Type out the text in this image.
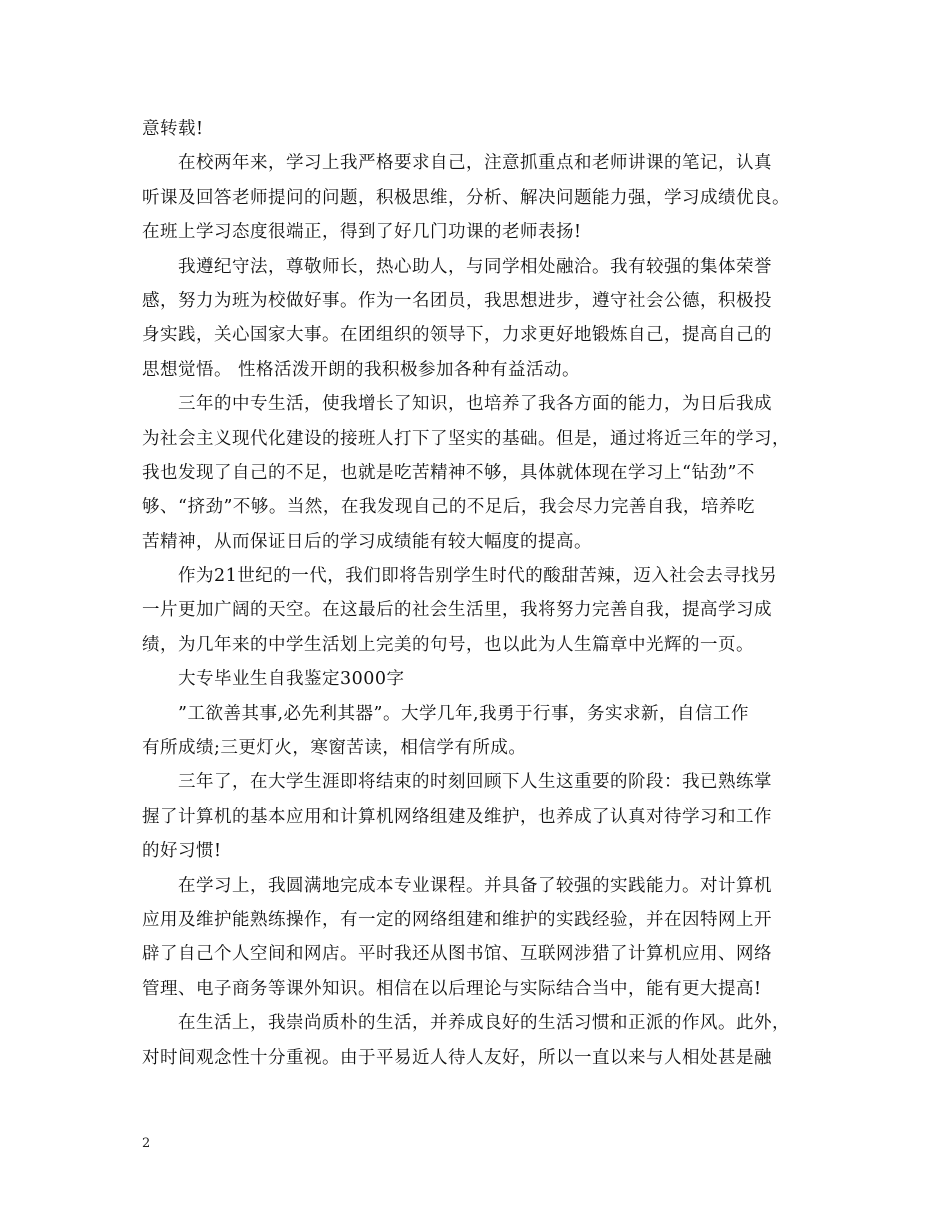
意转载!
在校两年来，学习上我严格要求自己，注意抓重点和老师讲课的笔记，认真
听课及回答老师提问的问题，积极思维，分析、解决问题能力强，学习成绩优良。
在班上学习态度很端正，得到了好几门功课的老师表扬!
我遵纪守法，尊敬师长，热心助人，与同学相处融洽。我有较强的集体荣誉
感，努力为班为校做好事。作为一名团员，我思想进步，遵守社会公德，积极投
身实践，关心国家大事。在团组织的领导下，力求更好地锻炼自己，提高自己的
思想觉悟。 性格活泼开朗的我积极参加各种有益活动。
三年的中专生活，使我增长了知识，也培养了我各方面的能力，为日后我成
为社会主义现代化建设的接班人打下了坚实的基础。但是，通过将近三年的学习，
我也发现了自己的不足，也就是吃苦精神不够，具体就体现在学习上“钻劲”不
够、“挤劲”不够。当然，在我发现自己的不足后，我会尽力完善自我，培养吃
苦精神，从而保证日后的学习成绩能有较大幅度的提高。
作为21世纪的一代，我们即将告别学生时代的酸甜苦辣，迈入社会去寻找另
一片更加广阔的天空。在这最后的社会生活里，我将努力完善自我，提高学习成
绩，为几年来的中学生活划上完美的句号，也以此为人生篇章中光辉的一页。
大专毕业生自我鉴定3000字
”工欲善其事,必先利其器”。大学几年,我勇于行事，务实求新，自信工作
有所成绩;三更灯火，寒窗苦读，相信学有所成。
三年了，在大学生涯即将结束的时刻回顾下人生这重要的阶段：我已熟练掌
握了计算机的基本应用和计算机网络组建及维护，也养成了认真对待学习和工作
的好习惯!
在学习上，我圆满地完成本专业课程。并具备了较强的实践能力。对计算机
应用及维护能熟练操作，有一定的网络组建和维护的实践经验，并在因特网上开
辟了自己个人空间和网店。平时我还从图书馆、互联网涉猎了计算机应用、网络
管理、电子商务等课外知识。相信在以后理论与实际结合当中，能有更大提高!
在生活上，我崇尚质朴的生活，并养成良好的生活习惯和正派的作风。此外，
对时间观念性十分重视。由于平易近人待人友好，所以一直以来与人相处甚是融
2
